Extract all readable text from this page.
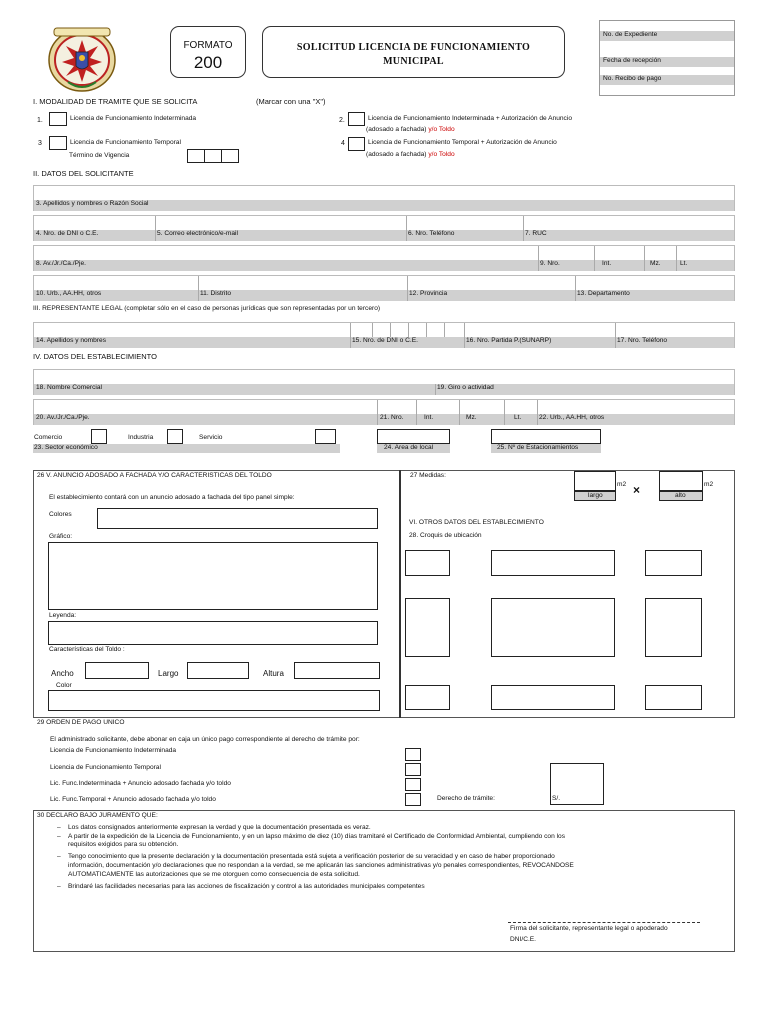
FORMATO
200
SOLICITUD LICENCIA DE FUNCIONAMIENTO
MUNICIPAL
No. de Expediente
Fecha de recepción
No. Recibo de pago
I. MODALIDAD DE TRAMITE QUE SE SOLICITA	(Marcar con una "X")
1.	Licencia de Funcionamiento Indeterminada
3	Licencia de Funcionamiento Temporal
Término de Vigencia
2.	Licencia de Funcionamiento Indeterminada + Autorización de Anuncio
(adosado a fachada) y/o Toldo
4	Licencia de Funcionamiento Temporal + Autorización de Anuncio
(adosado a fachada) y/o Toldo
II. DATOS DEL SOLICITANTE
3. Apellidos y nombres o Razón Social
4. Nro. de DNI o C.E.	5. Correo electrónico/e-mail	6. Nro. Teléfono	7. RUC
8. Av./Jr./Ca./Pje.	9. Nro.	Int.	Mz.	Lt.
10. Urb., AA.HH, otros	11. Distrito	12. Provincia	13. Departamento
III. REPRESENTANTE LEGAL (completar sólo en el caso de personas jurídicas que son representadas por un tercero)
14. Apellidos y nombres	15. Nro. de DNI o C.E.	16. Nro. Partida P.(SUNARP)	17. Nro. Teléfono
IV. DATOS DEL ESTABLECIMIENTO
18. Nombre Comercial	19. Giro o actividad
20. Av./Jr./Ca./Pje.	21. Nro.	Int.	Mz.	Lt.	22. Urb., AA.HH, otros
Comercio	Industria	Servicio
23. Sector económico	24. Area de local	25. Nº de Estacionamientos
26 V. ANUNCIO ADOSADO A FACHADA Y/O CARACTERISTICAS DEL TOLDO
El establecimiento contará con un anuncio adosado a fachada del tipo panel simple:
Colores
Gráfico:
Leyenda:
Características del Toldo :
Ancho	Largo	Altura
Color
27 Medidas:
largo
m2 ×	alto
m2
VI. OTROS DATOS DEL ESTABLECIMIENTO
28. Croquis de ubicación
29 ORDEN DE PAGO UNICO
El administrado solicitante, debe abonar en caja un único pago correspondiente al derecho de trámite por:
Licencia de Funcionamiento Indeterminada
Licencia de Funcionamiento Temporal
Lic. Func.Indeterminada + Anuncio adosado fachada y/o toldo
Lic. Func.Temporal + Anuncio adosado fachada y/o toldo	Derecho de trámite:	S/.
30 DECLARO BAJO JURAMENTO QUE:
– Los datos consignados anteriormente expresan la verdad y que la documentación presentada es veraz.
– A partir de la expedición de la Licencia de Funcionamiento, y en un lapso máximo de diez (10) días tramitaré el Certificado de Conformidad Ambiental, cumpliendo con los
requisitos exigidos para su obtención.
– Tengo conocimiento que la presente declaración y la documentación presentada está sujeta a verificación posterior de su veracidad y en caso de haber proporcionado
información, documentación y/o declaraciones que no respondan a la verdad, se me aplicarán las sanciones administrativas y/o penales correspondientes, REVOCANDOSE
AUTOMATICAMENTE las autorizaciones que se me otorguen como consecuencia de esta solicitud.
– Brindaré las facilidades necesarias para las acciones de fiscalización y control a las autoridades municipales competentes
Firma del solicitante, representante legal o apoderado
DNI/C.E.
